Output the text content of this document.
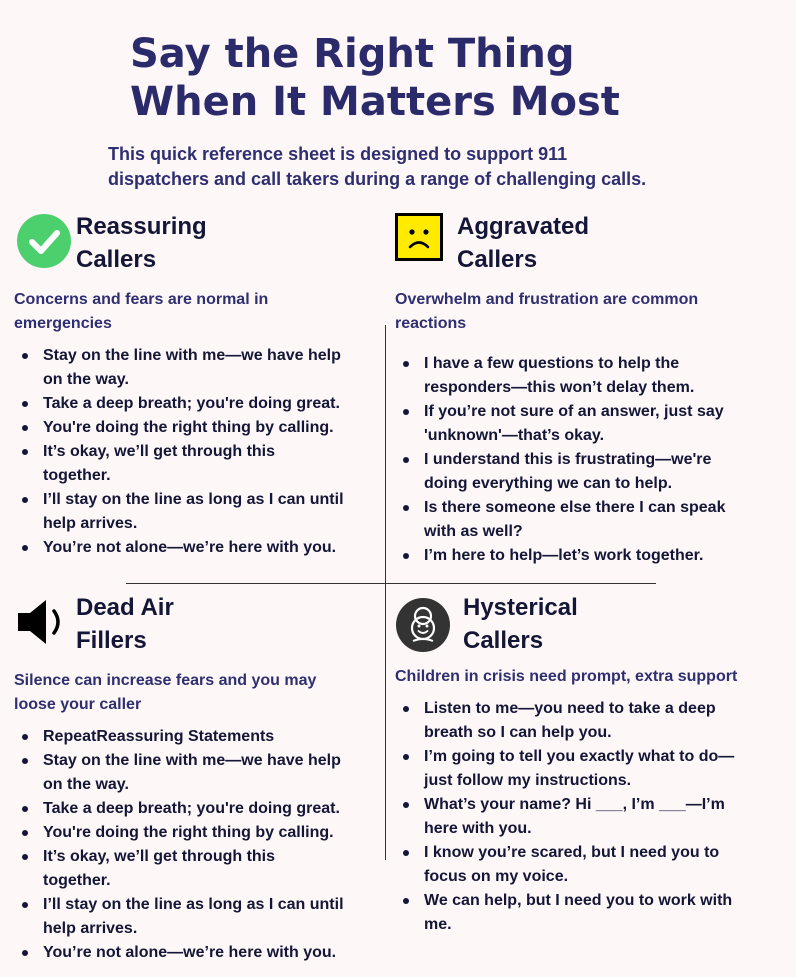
Say the Right Thing
When It Matters Most

This quick reference sheet is designed to support 911
dispatchers and call takers during a range of challenging calls.

Reassuring
Callers
Concerns and fears are normal in
emergencies
Stay on the line with me—we have help
on the way.
Take a deep breath; you're doing great.
You're doing the right thing by calling.
It’s okay, we’ll get through this
together.
I’ll stay on the line as long as I can until
help arrives.
You’re not alone—we’re here with you.
Aggravated
Callers
Overwhelm and frustration are common
reactions
I have a few questions to help the
responders—this won’t delay them.
If you’re not sure of an answer, just say
'unknown'—that’s okay.
I understand this is frustrating—we're
doing everything we can to help.
Is there someone else there I can speak
with as well?
I’m here to help—let’s work together.
Dead Air
Fillers
Silence can increase fears and you may
loose your caller
RepeatReassuring Statements
Stay on the line with me—we have help
on the way.
Take a deep breath; you're doing great.
You're doing the right thing by calling.
It’s okay, we’ll get through this
together.
I’ll stay on the line as long as I can until
help arrives.
You’re not alone—we’re here with you.
Hysterical
Callers
Children in crisis need prompt, extra support
Listen to me—you need to take a deep
breath so I can help you.
I’m going to tell you exactly what to do—
just follow my instructions.
What’s your name? Hi ___, I’m ___—I’m
here with you.
I know you’re scared, but I need you to
focus on my voice.
We can help, but I need you to work with
me.
